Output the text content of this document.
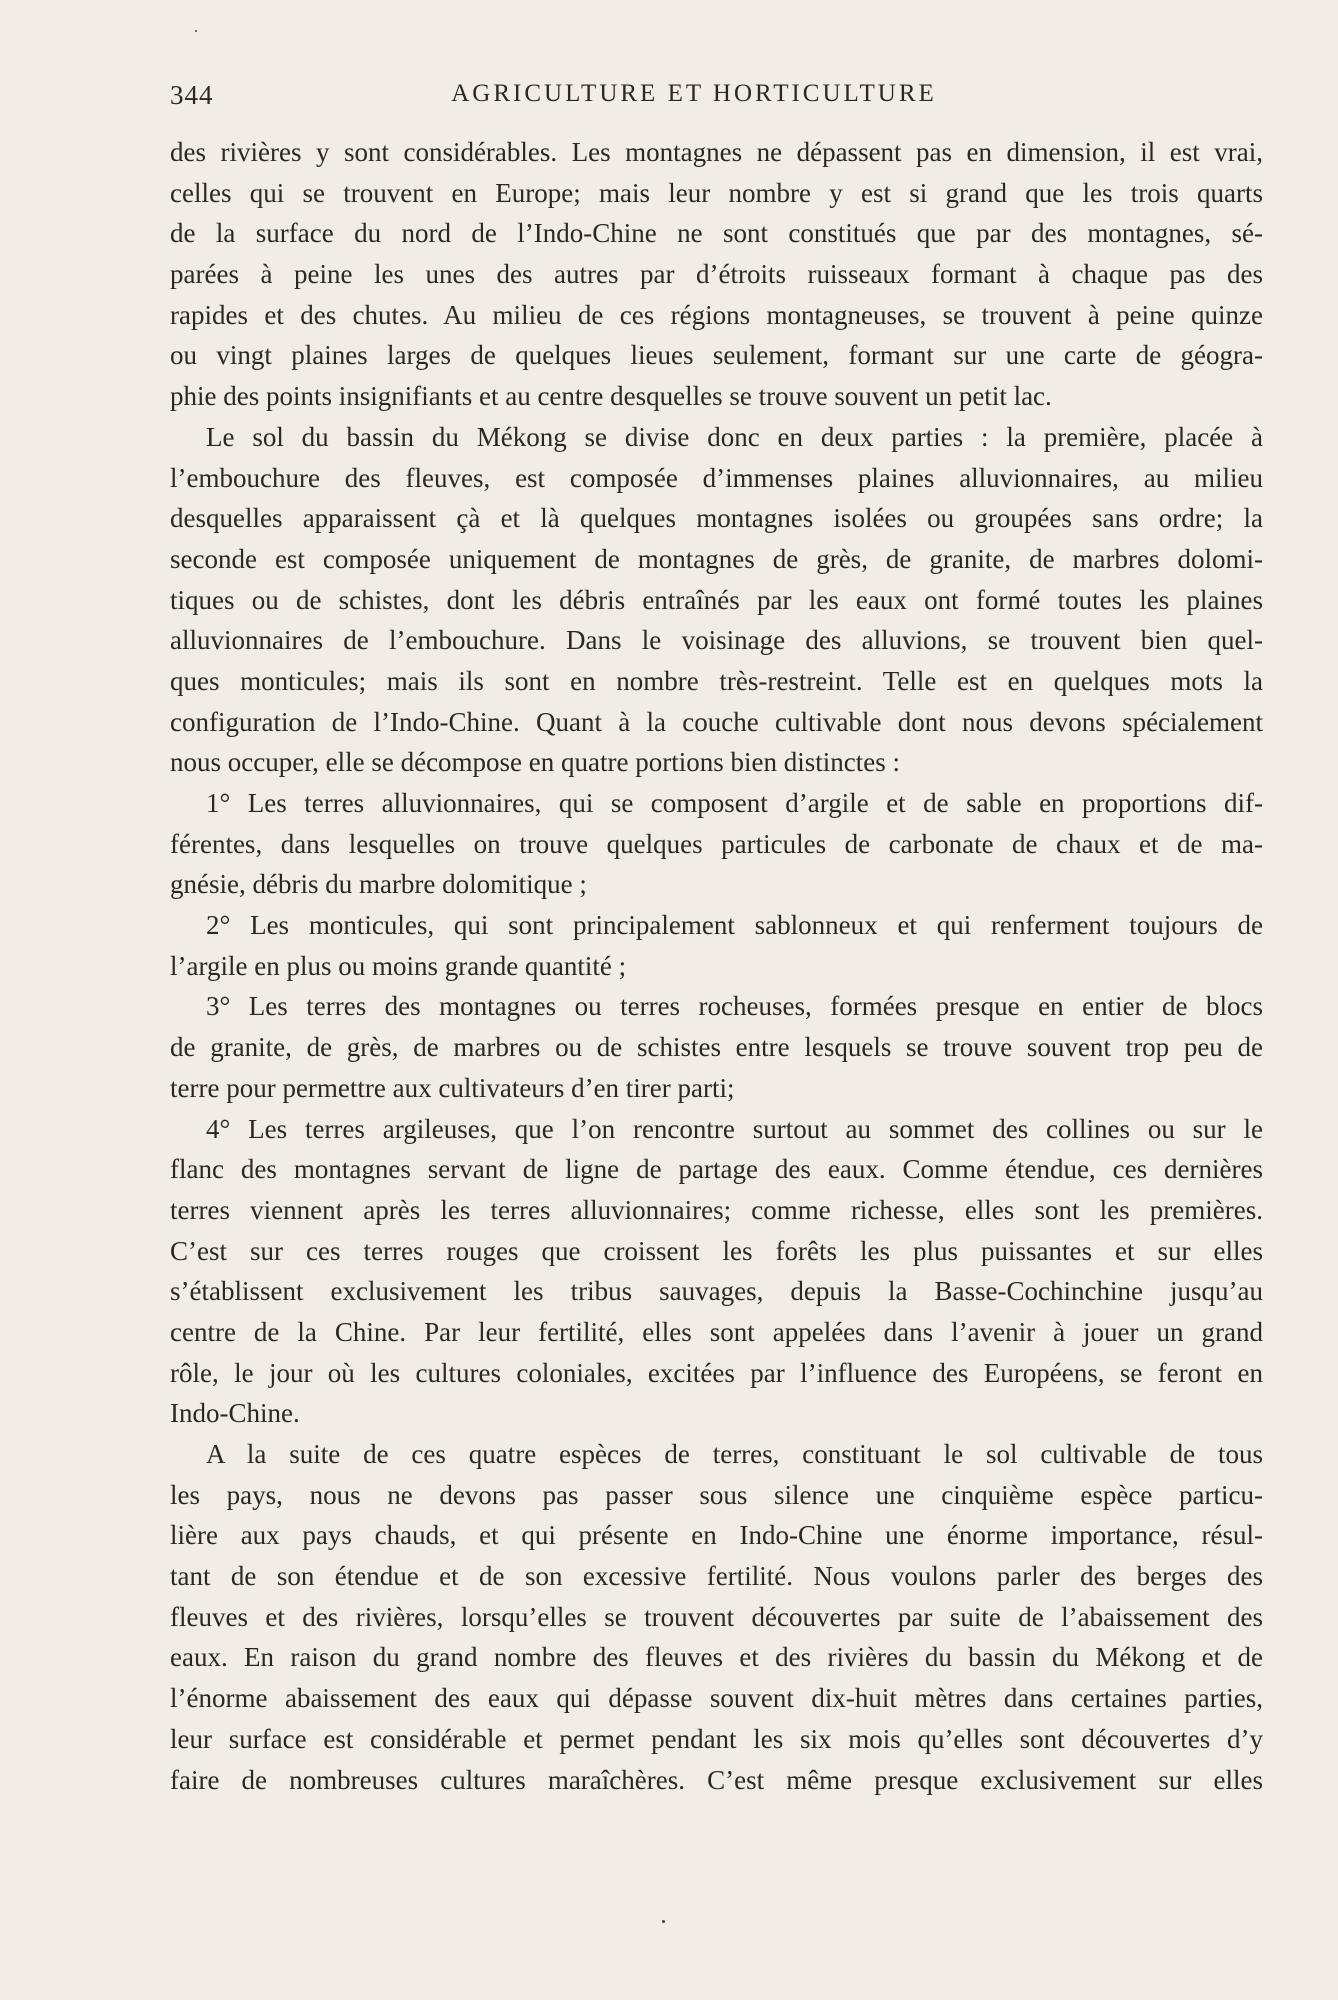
344	AGRICULTURE ET HORTICULTURE
des rivières y sont considérables. Les montagnes ne dépassent pas en dimension, il est vrai,
celles qui se trouvent en Europe; mais leur nombre y est si grand que les trois quarts
de la surface du nord de l’Indo-Chine ne sont constitués que par des montagnes, sé-
parées à peine les unes des autres par d’étroits ruisseaux formant à chaque pas des
rapides et des chutes. Au milieu de ces régions montagneuses, se trouvent à peine quinze
ou vingt plaines larges de quelques lieues seulement, formant sur une carte de géogra-
phie des points insignifiants et au centre desquelles se trouve souvent un petit lac.
Le sol du bassin du Mékong se divise donc en deux parties : la première, placée à
l’embouchure des fleuves, est composée d’immenses plaines alluvionnaires, au milieu
desquelles apparaissent çà et là quelques montagnes isolées ou groupées sans ordre; la
seconde est composée uniquement de montagnes de grès, de granite, de marbres dolomi-
tiques ou de schistes, dont les débris entraînés par les eaux ont formé toutes les plaines
alluvionnaires de l’embouchure. Dans le voisinage des alluvions, se trouvent bien quel-
ques monticules; mais ils sont en nombre très-restreint. Telle est en quelques mots la
configuration de l’Indo-Chine. Quant à la couche cultivable dont nous devons spécialement
nous occuper, elle se décompose en quatre portions bien distinctes :
1° Les terres alluvionnaires, qui se composent d’argile et de sable en proportions dif-
férentes, dans lesquelles on trouve quelques particules de carbonate de chaux et de ma-
gnésie, débris du marbre dolomitique ;
2° Les monticules, qui sont principalement sablonneux et qui renferment toujours de
l’argile en plus ou moins grande quantité ;
3° Les terres des montagnes ou terres rocheuses, formées presque en entier de blocs
de granite, de grès, de marbres ou de schistes entre lesquels se trouve souvent trop peu de
terre pour permettre aux cultivateurs d’en tirer parti;
4° Les terres argileuses, que l’on rencontre surtout au sommet des collines ou sur le
flanc des montagnes servant de ligne de partage des eaux. Comme étendue, ces dernières
terres viennent après les terres alluvionnaires; comme richesse, elles sont les premières.
C’est sur ces terres rouges que croissent les forêts les plus puissantes et sur elles
s’établissent exclusivement les tribus sauvages, depuis la Basse-Cochinchine jusqu’au
centre de la Chine. Par leur fertilité, elles sont appelées dans l’avenir à jouer un grand
rôle, le jour où les cultures coloniales, excitées par l’influence des Européens, se feront en
Indo-Chine.
A la suite de ces quatre espèces de terres, constituant le sol cultivable de tous
les pays, nous ne devons pas passer sous silence une cinquième espèce particu-
lière aux pays chauds, et qui présente en Indo-Chine une énorme importance, résul-
tant de son étendue et de son excessive fertilité. Nous voulons parler des berges des
fleuves et des rivières, lorsqu’elles se trouvent découvertes par suite de l’abaissement des
eaux. En raison du grand nombre des fleuves et des rivières du bassin du Mékong et de
l’énorme abaissement des eaux qui dépasse souvent dix-huit mètres dans certaines parties,
leur surface est considérable et permet pendant les six mois qu’elles sont découvertes d’y
faire de nombreuses cultures maraîchères. C’est même presque exclusivement sur elles
